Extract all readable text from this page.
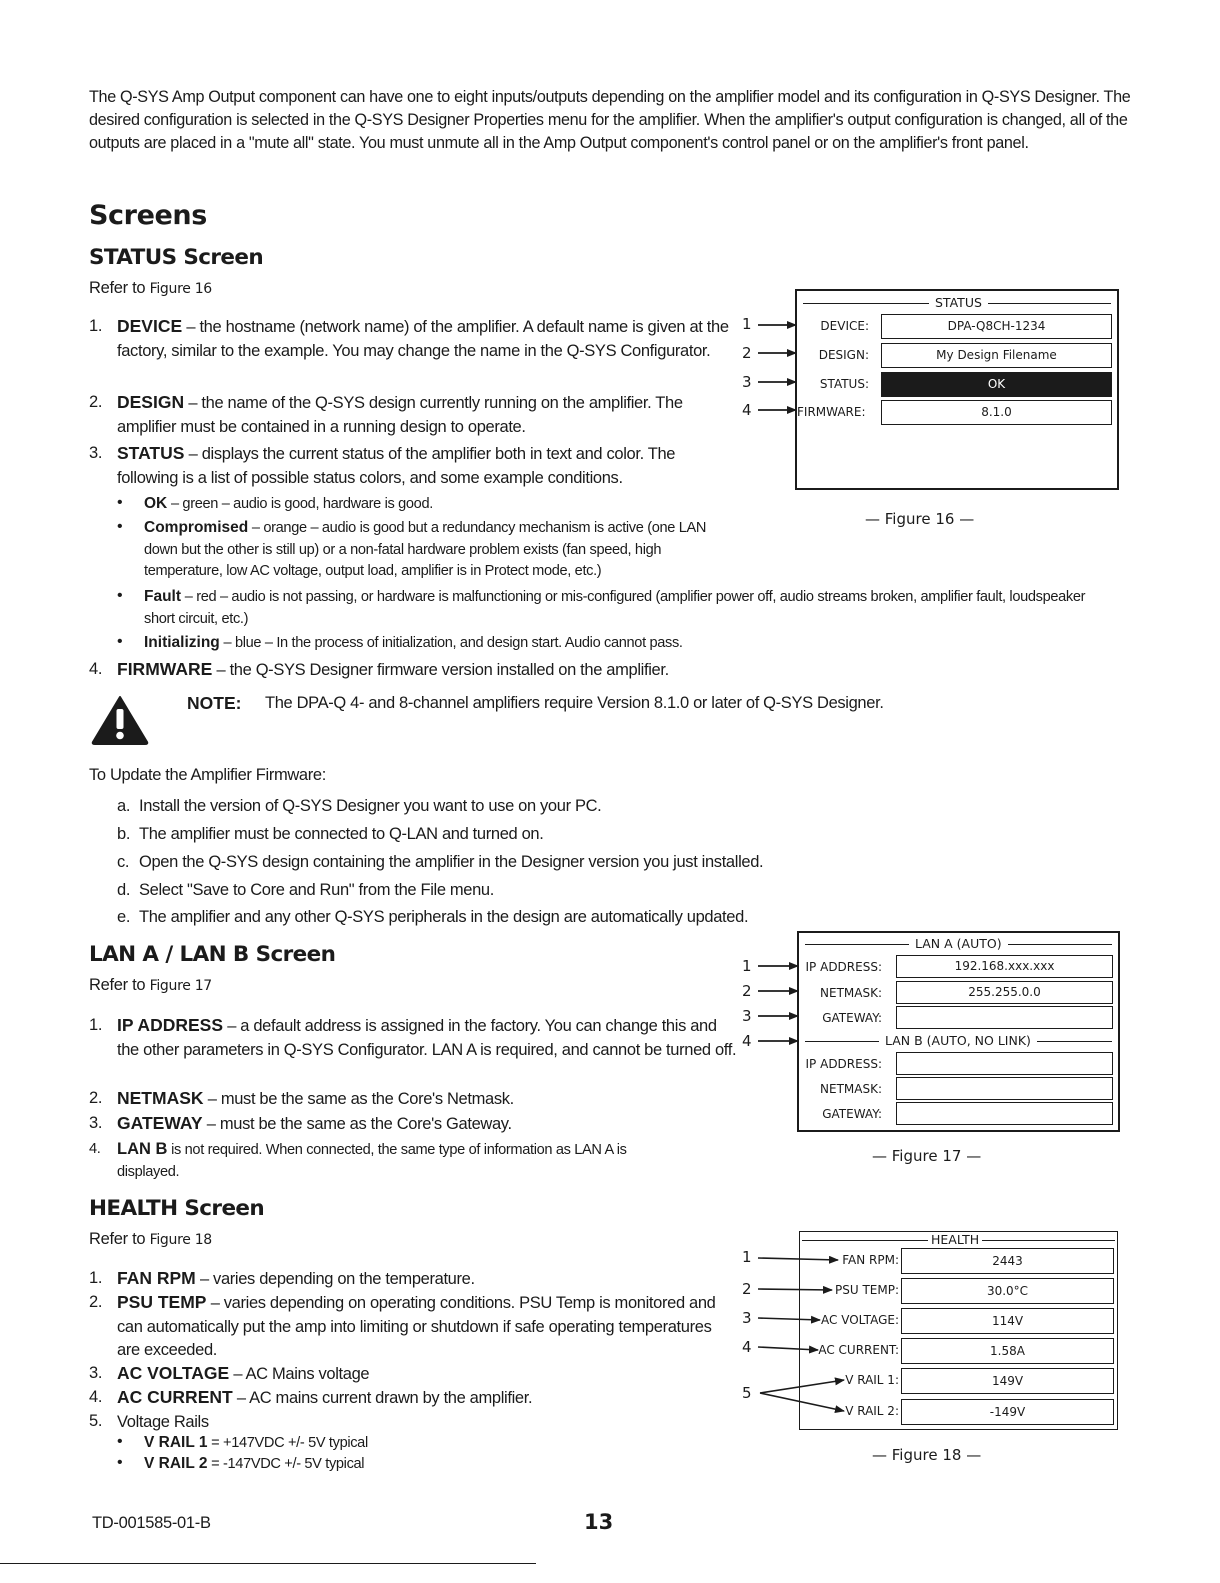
The Q-SYS Amp Output component can have one to eight inputs/outputs depending on the amplifier model and its configuration in Q-SYS Designer. The desired configuration is selected in the Q-SYS Designer Properties menu for the amplifier. When the amplifier's output configuration is changed, all of the outputs are placed in a "mute all" state. You must unmute all in the Amp Output component's control panel or on the amplifier's front panel.
Screens
STATUS Screen
Refer to Figure 16
1. DEVICE – the hostname (network name) of the amplifier. A default name is given at the factory, similar to the example. You may change the name in the Q-SYS Configurator.
2. DESIGN – the name of the Q-SYS design currently running on the amplifier. The amplifier must be contained in a running design to operate.
3. STATUS – displays the current status of the amplifier both in text and color. The following is a list of possible status colors, and some example conditions.
• OK – green – audio is good, hardware is good.
• Compromised – orange – audio is good but a redundancy mechanism is active (one LAN down but the other is still up) or a non-fatal hardware problem exists (fan speed, high temperature, low AC voltage, output load, amplifier is in Protect mode, etc.)
• Fault – red – audio is not passing, or hardware is malfunctioning or mis-configured (amplifier power off, audio streams broken, amplifier fault, loudspeaker short circuit, etc.)
• Initializing – blue – In the process of initialization, and design start. Audio cannot pass.
4. FIRMWARE – the Q-SYS Designer firmware version installed on the amplifier.
NOTE: The DPA-Q 4- and 8-channel amplifiers require Version 8.1.0 or later of Q-SYS Designer.
To Update the Amplifier Firmware:
a. Install the version of Q-SYS Designer you want to use on your PC.
b. The amplifier must be connected to Q-LAN and turned on.
c. Open the Q-SYS design containing the amplifier in the Designer version you just installed.
d. Select "Save to Core and Run" from the File menu.
e. The amplifier and any other Q-SYS peripherals in the design are automatically updated.
STATUS
DEVICE:	DPA-Q8CH-1234
DESIGN:	My Design Filename
STATUS:	OK
FIRMWARE:	8.1.0
1
2
3
4
— Figure 16 —
LAN A / LAN B Screen
Refer to Figure 17
1. IP ADDRESS – a default address is assigned in the factory. You can change this and the other parameters in Q-SYS Configurator. LAN A is required, and cannot be turned off.
2. NETMASK – must be the same as the Core's Netmask.
3. GATEWAY – must be the same as the Core's Gateway.
4. LAN B is not required. When connected, the same type of information as LAN A is displayed.
LAN A (AUTO)
IP ADDRESS:	192.168.xxx.xxx
NETMASK:	255.255.0.0
GATEWAY:
LAN B (AUTO, NO LINK)
IP ADDRESS:
NETMASK:
GATEWAY:
1
2
3
4
— Figure 17 —
HEALTH Screen
Refer to Figure 18
1. FAN RPM – varies depending on the temperature.
2. PSU TEMP – varies depending on operating conditions. PSU Temp is monitored and can automatically put the amp into limiting or shutdown if safe operating temperatures are exceeded.
3. AC VOLTAGE – AC Mains voltage
4. AC CURRENT – AC mains current drawn by the amplifier.
5. Voltage Rails
• V RAIL 1 = +147VDC +/- 5V typical
• V RAIL 2 = -147VDC +/- 5V typical
HEALTH
FAN RPM:	2443
PSU TEMP:	30.0°C
AC VOLTAGE:	114V
AC CURRENT:	1.58A
V RAIL 1:	149V
V RAIL 2:	-149V
1
2
3
4
5
— Figure 18 —
TD-001585-01-B	13
